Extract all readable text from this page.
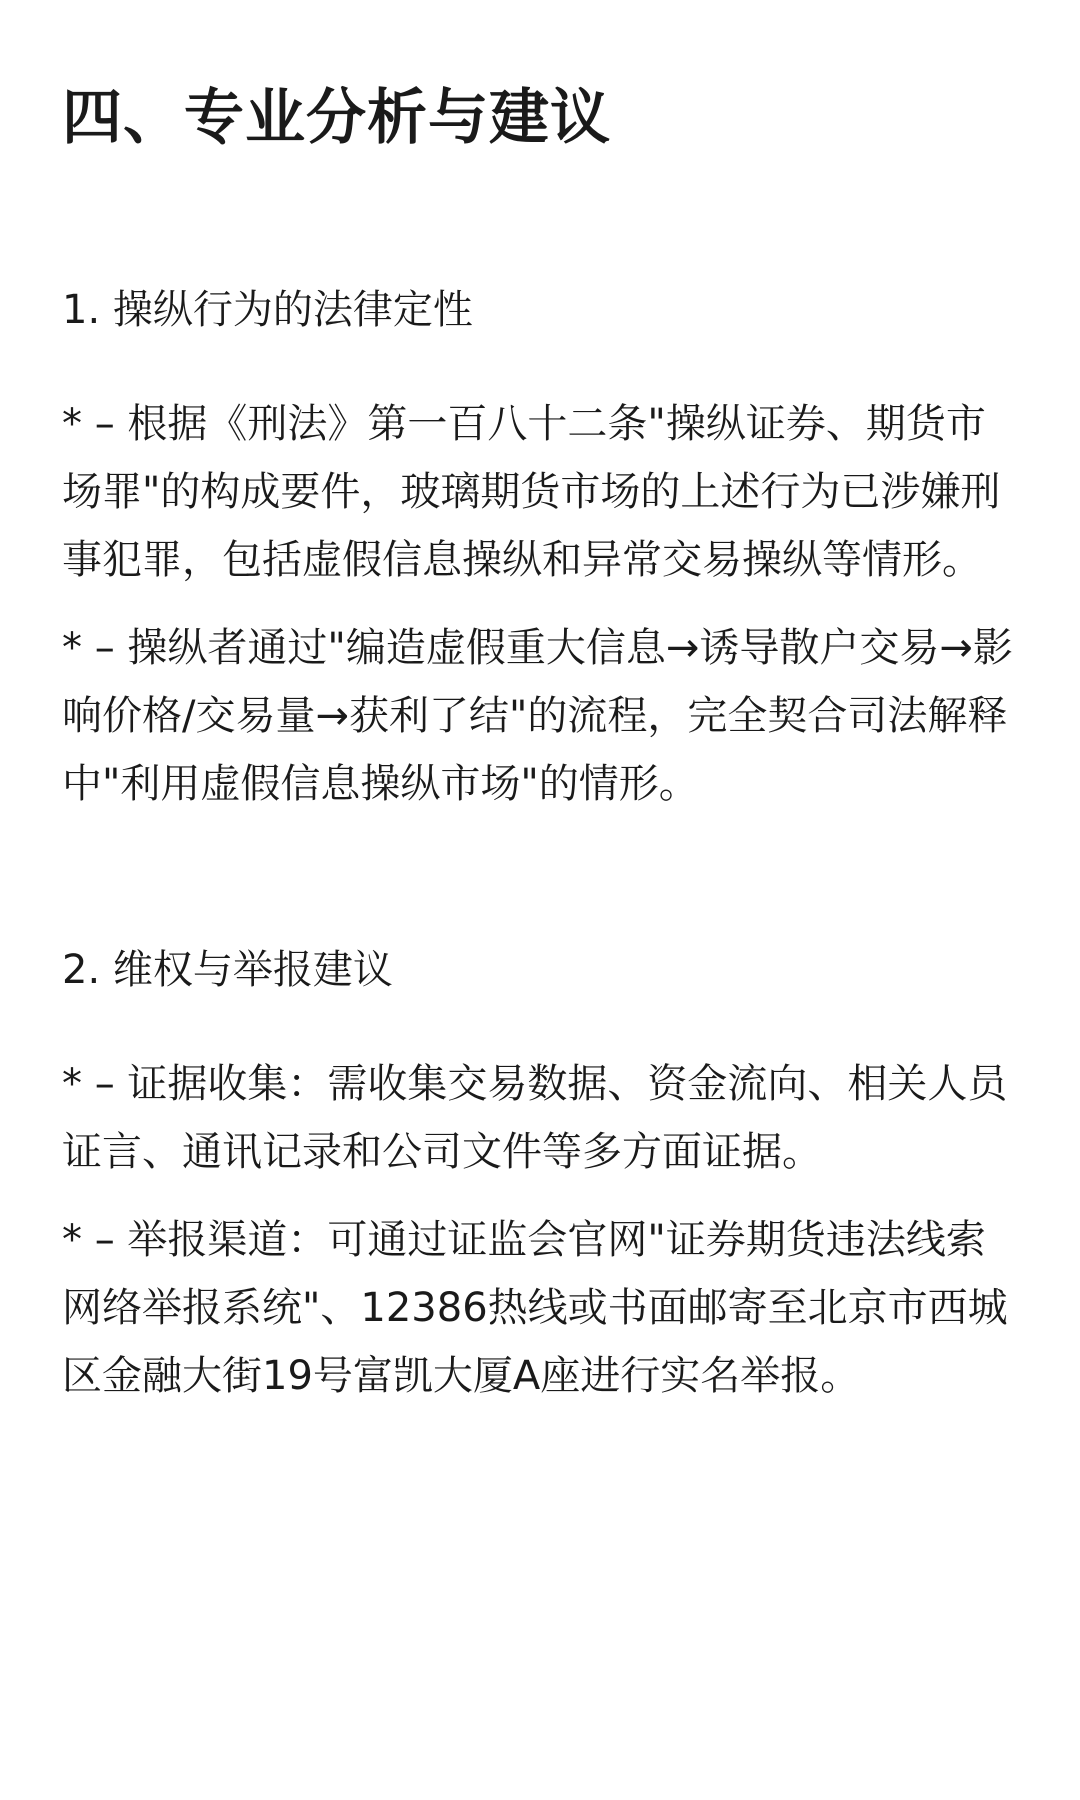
四、专业分析与建议
1. 操纵行为的法律定性

* – 根据《刑法》第一百八十二条"操纵证券、期货市场罪"的构成要件，玻璃期货市场的上述行为已涉嫌刑事犯罪，包括虚假信息操纵和异常交易操纵等情形。

* – 操纵者通过"编造虚假重大信息→诱导散户交易→影响价格/交易量→获利了结"的流程，完全契合司法解释中"利用虚假信息操纵市场"的情形。

2. 维权与举报建议

* – 证据收集：需收集交易数据、资金流向、相关人员证言、通讯记录和公司文件等多方面证据。

* – 举报渠道：可通过证监会官网"证券期货违法线索网络举报系统"、12386热线或书面邮寄至北京市西城区金融大街19号富凯大厦A座进行实名举报。
